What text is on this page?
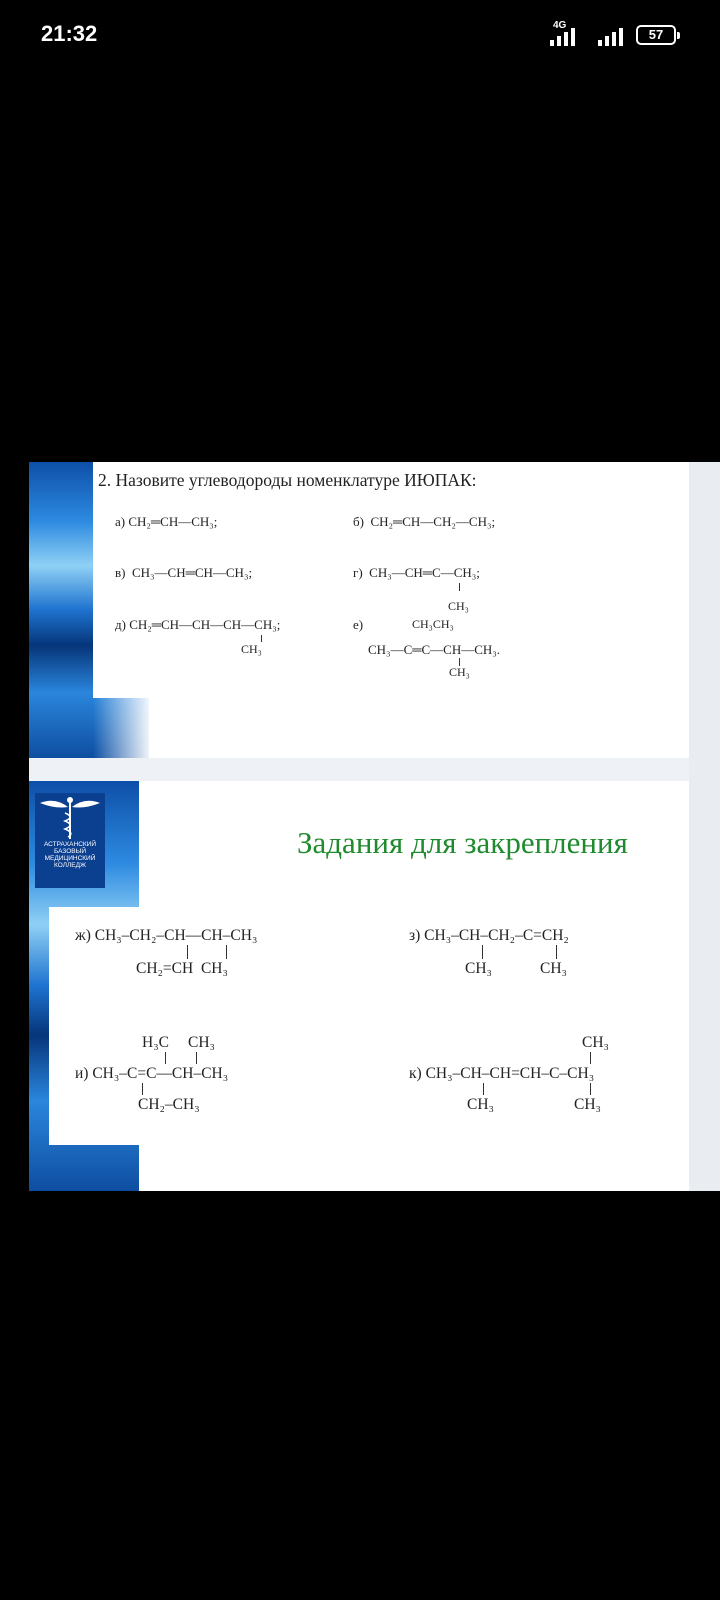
21:32	4G
57
2. Назовите углеводороды номенклатуре ИЮПАК:
а) CH₂═CH—CH₃;	б)  CH₂═CH—CH₂—CH₃;
в)  CH₃—CH═CH—CH₃;	г)  CH₃—CH═C—CH₃;
CH₃
д) CH₂═CH—CH—CH—CH₃;
CH₃
е)	CH₃CH₃
CH₃—C═C—CH—CH₃.
CH₃
АСТРАХАНСКИЙ БАЗОВЫЙ МЕДИЦИНСКИЙ КОЛЛЕДЖ
Задания для закрепления
ж) CH₃–CH₂–CH—CH–CH₃
CH₂=CH  CH₃
з) CH₃–CH–CH₂–C=CH₂
CH₃	CH₃
H₃C CH₃
и) CH₃–C=C—CH–CH₃
CH₂–CH₃
CH₃
к) CH₃–CH–CH=CH–C–CH₃
CH₃	CH₃
